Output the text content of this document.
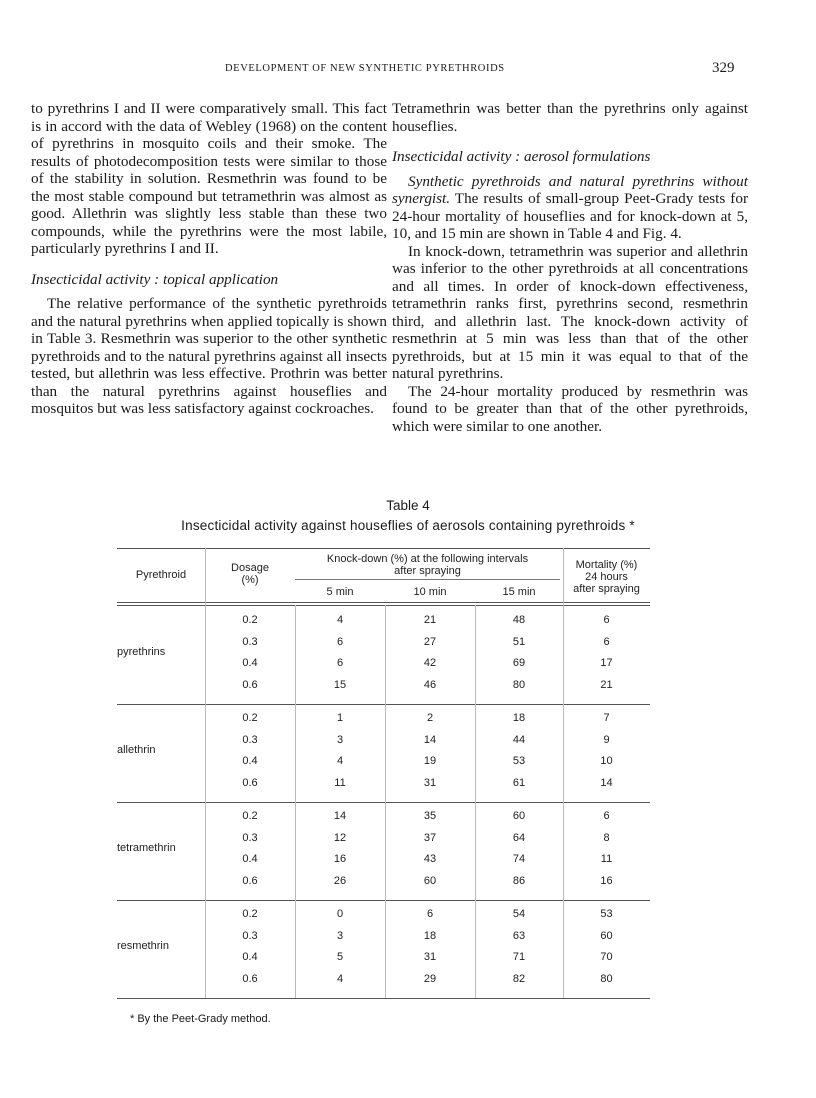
DEVELOPMENT OF NEW SYNTHETIC PYRETHROIDS	329

to pyrethrins I and II were comparatively small. This fact is in accord with the data of Webley (1968) on the content of pyrethrins in mosquito coils and their smoke. The results of photodecomposition tests were similar to those of the stability in solution. Resmethrin was found to be the most stable compound but tetramethrin was almost as good. Allethrin was slightly less stable than these two compounds, while the pyrethrins were the most labile, particularly pyrethrins I and II.

Insecticidal activity : topical application

The relative performance of the synthetic pyrethroids and the natural pyrethrins when applied topically is shown in Table 3. Resmethrin was superior to the other synthetic pyrethroids and to the natural pyrethrins against all insects tested, but allethrin was less effective. Prothrin was better than the natural pyrethrins against houseflies and mosquitos but was less satisfactory against cockroaches.

Tetramethrin was better than the pyrethrins only against houseflies.

Insecticidal activity : aerosol formulations

Synthetic pyrethroids and natural pyrethrins without synergist. The results of small-group Peet-Grady tests for 24-hour mortality of houseflies and for knock-down at 5, 10, and 15 min are shown in Table 4 and Fig. 4.

In knock-down, tetramethrin was superior and allethrin was inferior to the other pyrethroids at all concentrations and all times. In order of knock-down effectiveness, tetramethrin ranks first, pyrethrins second, resmethrin third, and allethrin last. The knock-down activity of resmethrin at 5 min was less than that of the other pyrethroids, but at 15 min it was equal to that of the natural pyrethrins.

The 24-hour mortality produced by resmethrin was found to be greater than that of the other pyrethroids, which were similar to one another.

Table 4
Insecticidal activity against houseflies of aerosols containing pyrethroids *
Pyrethroid
Dosage
(%)
Knock-down (%) at the following intervals
after spraying
5 min	10 min	15 min
Mortality (%)
24 hours
after spraying
pyrethrins
0.2	4	21	48	6
0.3	6	27	51	6
0.4	6	42	69	17
0.6	15	46	80	21
allethrin
0.2	1	2	18	7
0.3	3	14	44	9
0.4	4	19	53	10
0.6	11	31	61	14
tetramethrin
0.2	14	35	60	6
0.3	12	37	64	8
0.4	16	43	74	11
0.6	26	60	86	16
resmethrin
0.2	0	6	54	53
0.3	3	18	63	60
0.4	5	31	71	70
0.6	4	29	82	80
* By the Peet-Grady method.
